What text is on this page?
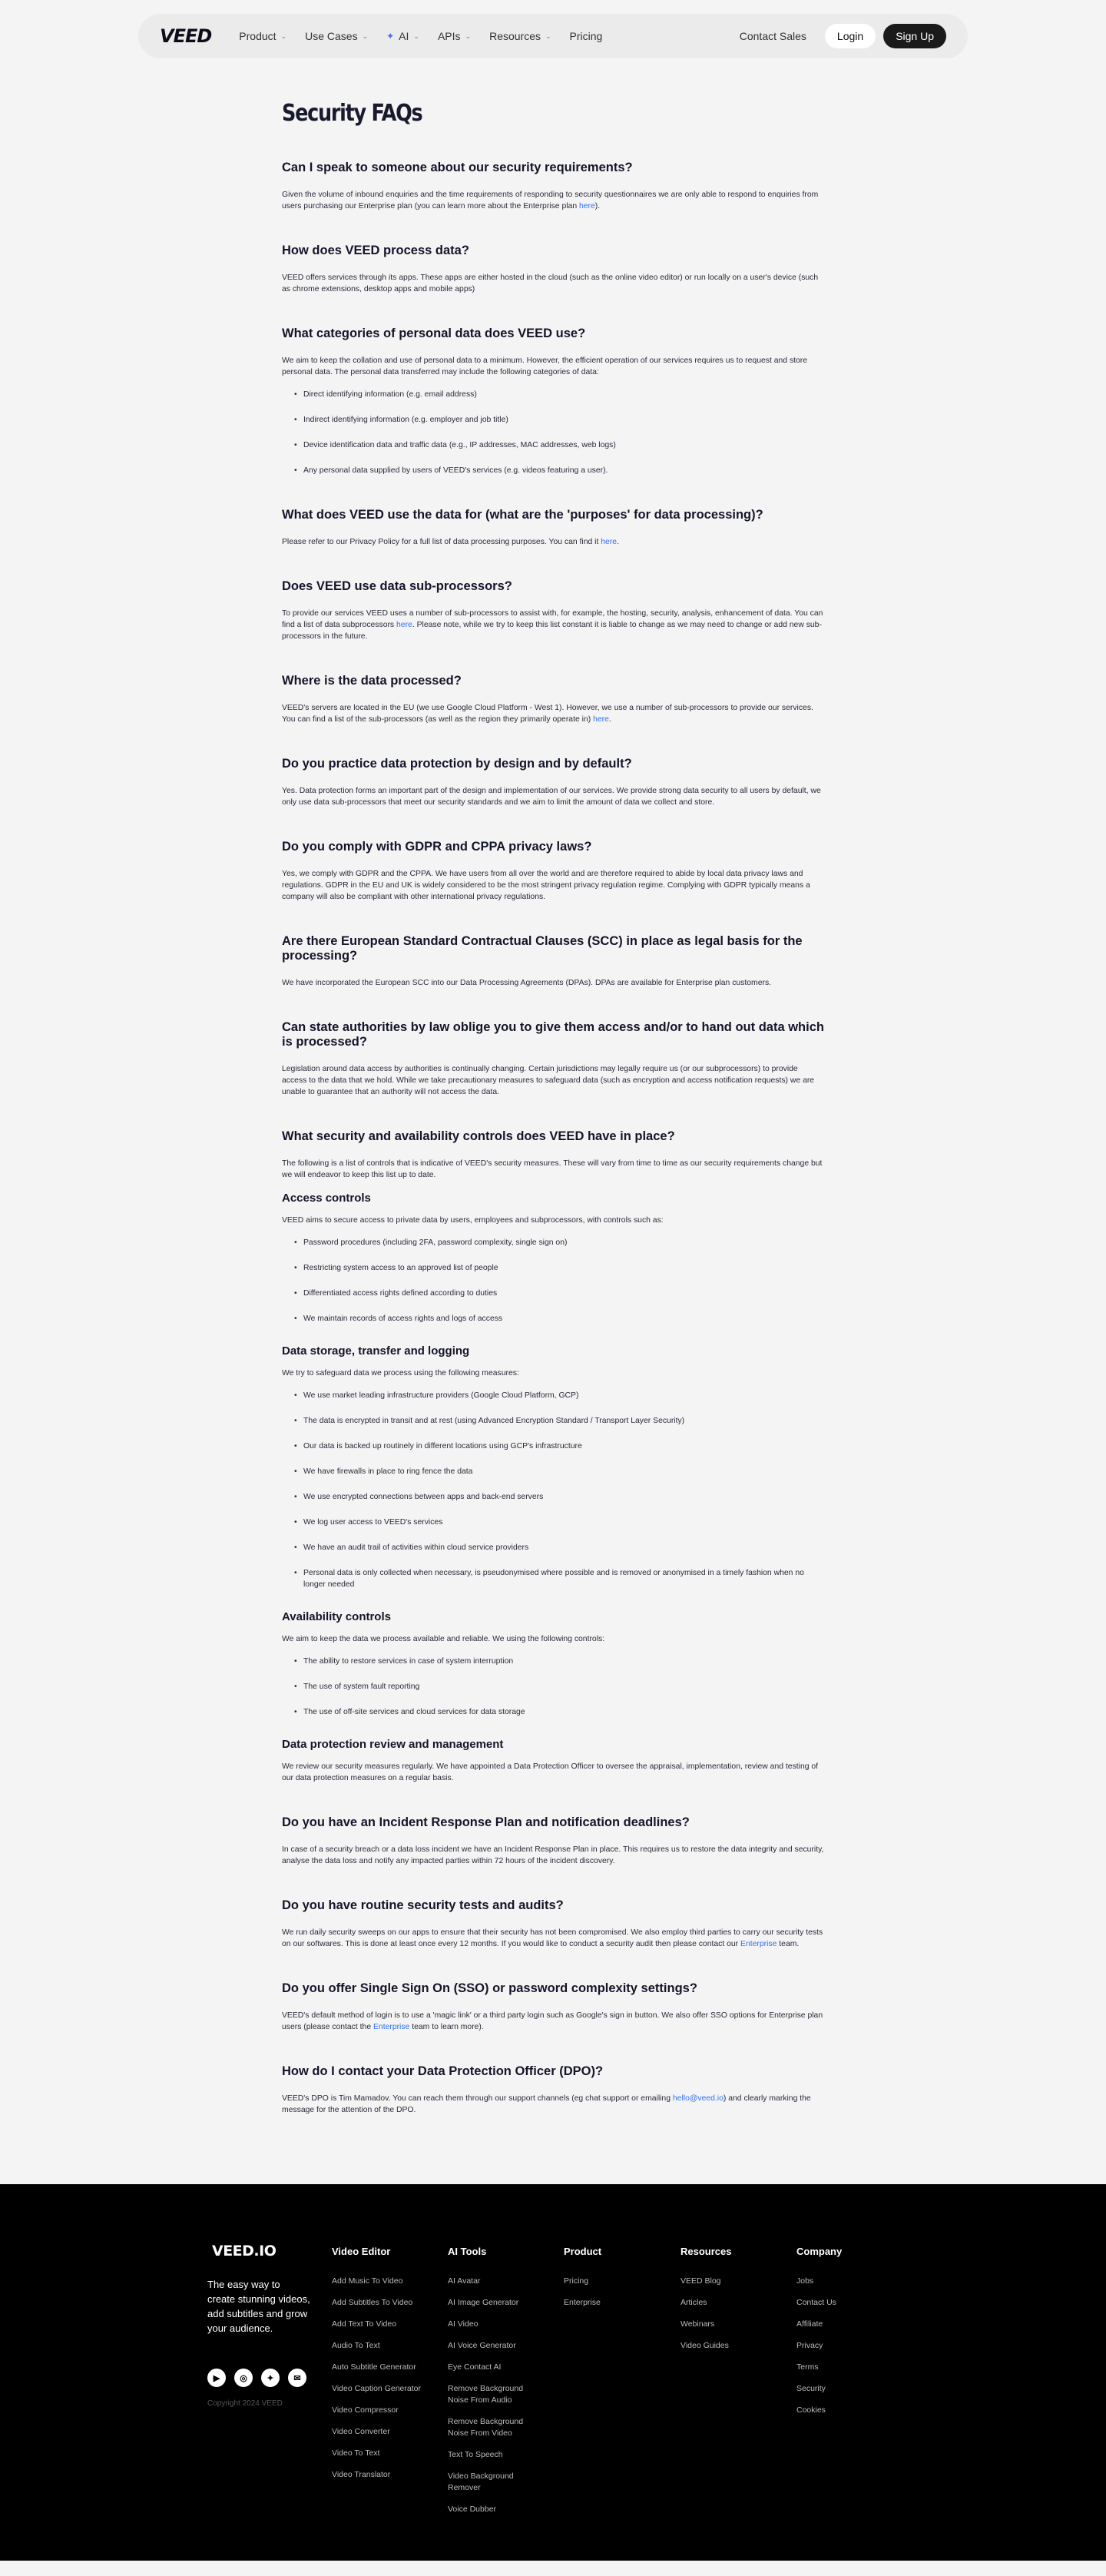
VEED	Product ⌄ Use Cases ⌄ ✦ AI ⌄ APIs ⌄ Resources ⌄ Pricing	Contact Sales	Login	Sign Up
Security FAQs
Can I speak to someone about our security requirements?

Given the volume of inbound enquiries and the time requirements of responding to security questionnaires we are only able to respond to enquiries from users purchasing our Enterprise plan (you can learn more about the Enterprise plan here).

How does VEED process data?

VEED offers services through its apps. These apps are either hosted in the cloud (such as the online video editor) or run locally on a user's device (such as chrome extensions, desktop apps and mobile apps)

What categories of personal data does VEED use?

We aim to keep the collation and use of personal data to a minimum. However, the efficient operation of our services requires us to request and store personal data. The personal data transferred may include the following categories of data:

• Direct identifying information (e.g. email address)
• Indirect identifying information (e.g. employer and job title)
• Device identification data and traffic data (e.g., IP addresses, MAC addresses, web logs)
• Any personal data supplied by users of VEED's services (e.g. videos featuring a user).
What does VEED use the data for (what are the 'purposes' for data processing)?

Please refer to our Privacy Policy for a full list of data processing purposes. You can find it here.

Does VEED use data sub-processors?

To provide our services VEED uses a number of sub-processors to assist with, for example, the hosting, security, analysis, enhancement of data. You can find a list of data subprocessors here. Please note, while we try to keep this list constant it is liable to change as we may need to change or add new sub-processors in the future.

Where is the data processed?

VEED's servers are located in the EU (we use Google Cloud Platform - West 1). However, we use a number of sub-processors to provide our services. You can find a list of the sub-processors (as well as the region they primarily operate in) here.

Do you practice data protection by design and by default?

Yes. Data protection forms an important part of the design and implementation of our services. We provide strong data security to all users by default, we only use data sub-processors that meet our security standards and we aim to limit the amount of data we collect and store.

Do you comply with GDPR and CPPA privacy laws?

Yes, we comply with GDPR and the CPPA. We have users from all over the world and are therefore required to abide by local data privacy laws and regulations. GDPR in the EU and UK is widely considered to be the most stringent privacy regulation regime. Complying with GDPR typically means a company will also be compliant with other international privacy regulations.

Are there European Standard Contractual Clauses (SCC) in place as legal basis for the processing?

We have incorporated the European SCC into our Data Processing Agreements (DPAs). DPAs are available for Enterprise plan customers.

Can state authorities by law oblige you to give them access and/or to hand out data which is processed?

Legislation around data access by authorities is continually changing. Certain jurisdictions may legally require us (or our subprocessors) to provide access to the data that we hold. While we take precautionary measures to safeguard data (such as encryption and access notification requests) we are unable to guarantee that an authority will not access the data.

What security and availability controls does VEED have in place?

The following is a list of controls that is indicative of VEED's security measures. These will vary from time to time as our security requirements change but we will endeavor to keep this list up to date.

Access controls

VEED aims to secure access to private data by users, employees and subprocessors, with controls such as:

• Password procedures (including 2FA, password complexity, single sign on)
• Restricting system access to an approved list of people
• Differentiated access rights defined according to duties
• We maintain records of access rights and logs of access
Data storage, transfer and logging

We try to safeguard data we process using the following measures:

• We use market leading infrastructure providers (Google Cloud Platform, GCP)
• The data is encrypted in transit and at rest (using Advanced Encryption Standard / Transport Layer Security)
• Our data is backed up routinely in different locations using GCP's infrastructure
• We have firewalls in place to ring fence the data
• We use encrypted connections between apps and back-end servers
• We log user access to VEED's services
• We have an audit trail of activities within cloud service providers
• Personal data is only collected when necessary, is pseudonymised where possible and is removed or anonymised in a timely fashion when no longer needed
Availability controls

We aim to keep the data we process available and reliable. We using the following controls:

• The ability to restore services in case of system interruption
• The use of system fault reporting
• The use of off-site services and cloud services for data storage
Data protection review and management

We review our security measures regularly. We have appointed a Data Protection Officer to oversee the appraisal, implementation, review and testing of our data protection measures on a regular basis.

Do you have an Incident Response Plan and notification deadlines?

In case of a security breach or a data loss incident we have an Incident Response Plan in place. This requires us to restore the data integrity and security, analyse the data loss and notify any impacted parties within 72 hours of the incident discovery.

Do you have routine security tests and audits?

We run daily security sweeps on our apps to ensure that their security has not been compromised. We also employ third parties to carry our security tests on our softwares. This is done at least once every 12 months. If you would like to conduct a security audit then please contact our Enterprise team.

Do you offer Single Sign On (SSO) or password complexity settings?

VEED's default method of login is to use a 'magic link' or a third party login such as Google's sign in button. We also offer SSO options for Enterprise plan users (please contact the Enterprise team to learn more).

How do I contact your Data Protection Officer (DPO)?

VEED's DPO is Tim Mamadov. You can reach them through our support channels (eg chat support or emailing hello@veed.io) and clearly marking the message for the attention of the DPO.

VEED.IO
The easy way to create stunning videos, add subtitles and grow your audience.
▶	◎	✦	✉
Copyright 2024 VEED
Video Editor
Add Music To Video
Add Subtitles To Video
Add Text To Video
Audio To Text
Auto Subtitle Generator
Video Caption Generator
Video Compressor
Video Converter
Video To Text
Video Translator
AI Tools
AI Avatar
AI Image Generator
AI Video
AI Voice Generator
Eye Contact AI
Remove Background Noise From Audio
Remove Background Noise From Video
Text To Speech
Video Background Remover
Voice Dubber
Product
Pricing
Enterprise
Resources
VEED Blog
Articles
Webinars
Video Guides
Company
Jobs
Contact Us
Affiliate
Privacy
Terms
Security
Cookies
